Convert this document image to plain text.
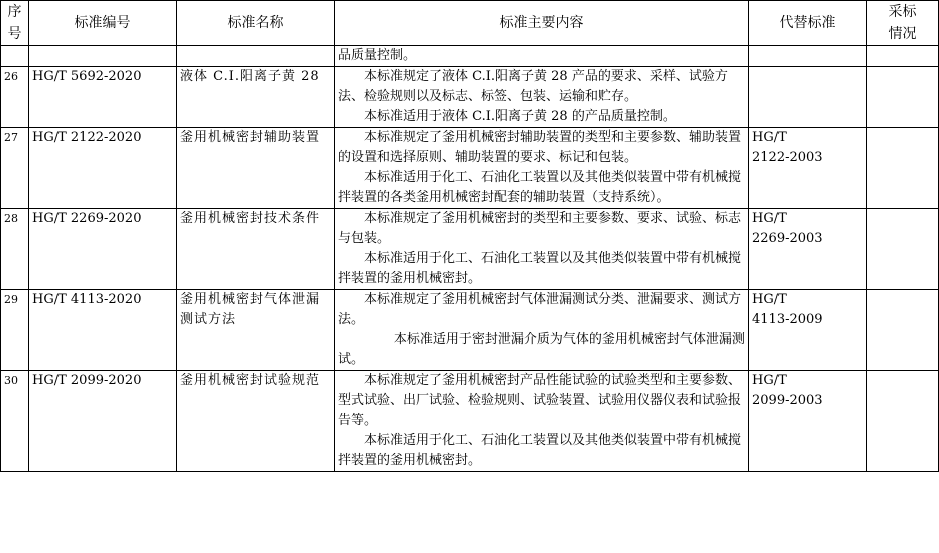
序
号	标准编号	标准名称	标准主要内容	代替标准	采标
情况

			品质量控制。		

26	HG/T 5692-2020	液体 C.I.阳离子黄 28	本标准规定了液体 C.I.阳离子黄 28 产品的要求、采样、试验方法、检验规则以及标志、标签、包装、运输和贮存。
本标准适用于液体 C.I.阳离子黄 28 的产品质量控制。		

27	HG/T 2122-2020	釜用机械密封辅助装置	本标准规定了釜用机械密封辅助装置的类型和主要参数、辅助装置的设置和选择原则、辅助装置的要求、标记和包装。
本标准适用于化工、石油化工装置以及其他类似装置中带有机械搅拌装置的各类釜用机械密封配套的辅助装置（支持系统）。	HG/T
2122-2003	

28	HG/T 2269-2020	釜用机械密封技术条件	本标准规定了釜用机械密封的类型和主要参数、要求、试验、标志与包装。
本标准适用于化工、石油化工装置以及其他类似装置中带有机械搅拌装置的釜用机械密封。	HG/T
2269-2003	

29	HG/T 4113-2020	釜用机械密封气体泄漏测试方法	本标准规定了釜用机械密封气体泄漏测试分类、泄漏要求、测试方法。
本标准适用于密封泄漏介质为气体的釜用机械密封气体泄漏测试。	HG/T
4113-2009	

30	HG/T 2099-2020	釜用机械密封试验规范	本标准规定了釜用机械密封产品性能试验的试验类型和主要参数、型式试验、出厂试验、检验规则、试验装置、试验用仪器仪表和试验报告等。
本标准适用于化工、石油化工装置以及其他类似装置中带有机械搅拌装置的釜用机械密封。	HG/T
2099-2003	
